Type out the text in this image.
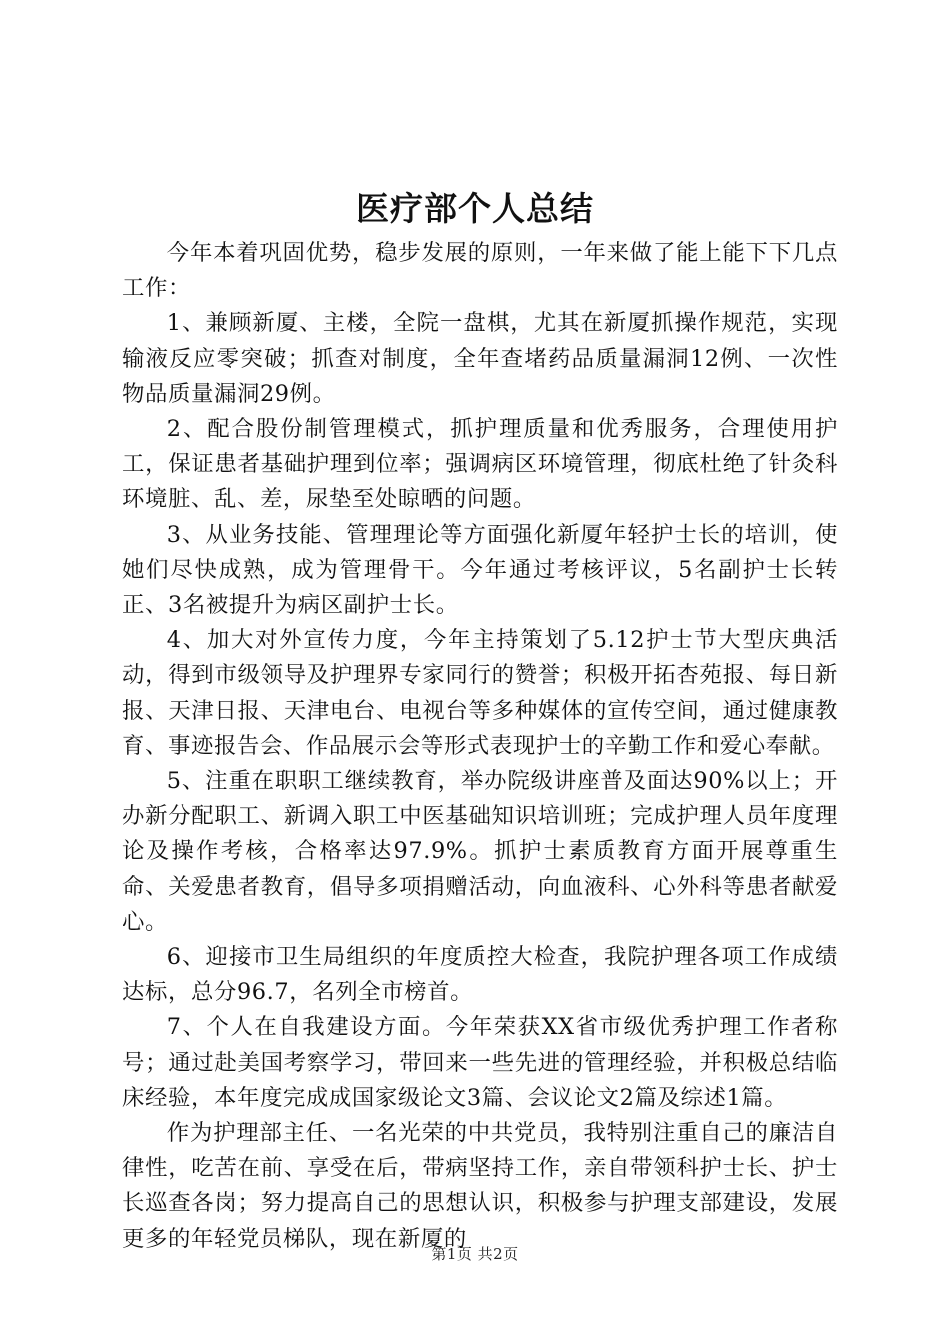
医疗部个人总结

今年本着巩固优势，稳步发展的原则，一年来做了能上能下下几点工作：

1、兼顾新厦、主楼，全院一盘棋，尤其在新厦抓操作规范，实现输液反应零突破；抓查对制度，全年查堵药品质量漏洞12例、一次性物品质量漏洞29例。

2、配合股份制管理模式，抓护理质量和优秀服务，合理使用护工，保证患者基础护理到位率；强调病区环境管理，彻底杜绝了针灸科环境脏、乱、差，尿垫至处晾晒的问题。

3、从业务技能、管理理论等方面强化新厦年轻护士长的培训，使她们尽快成熟，成为管理骨干。今年通过考核评议，5名副护士长转正、3名被提升为病区副护士长。

4、加大对外宣传力度，今年主持策划了5.12护士节大型庆典活动，得到市级领导及护理界专家同行的赞誉；积极开拓杏苑报、每日新报、天津日报、天津电台、电视台等多种媒体的宣传空间，通过健康教育、事迹报告会、作品展示会等形式表现护士的辛勤工作和爱心奉献。

5、注重在职职工继续教育，举办院级讲座普及面达90%以上；开办新分配职工、新调入职工中医基础知识培训班；完成护理人员年度理论及操作考核，合格率达97.9%。抓护士素质教育方面开展尊重生命、关爱患者教育，倡导多项捐赠活动，向血液科、心外科等患者献爱心。

6、迎接市卫生局组织的年度质控大检查，我院护理各项工作成绩达标，总分96.7，名列全市榜首。

7、个人在自我建设方面。今年荣获XX省市级优秀护理工作者称号；通过赴美国考察学习，带回来一些先进的管理经验，并积极总结临床经验，本年度完成成国家级论文3篇、会议论文2篇及综述1篇。

作为护理部主任、一名光荣的中共党员，我特别注重自己的廉洁自律性，吃苦在前、享受在后，带病坚持工作，亲自带领科护士长、护士长巡查各岗；努力提高自己的思想认识，积极参与护理支部建设，发展更多的年轻党员梯队，现在新厦的

第1页 共2页
